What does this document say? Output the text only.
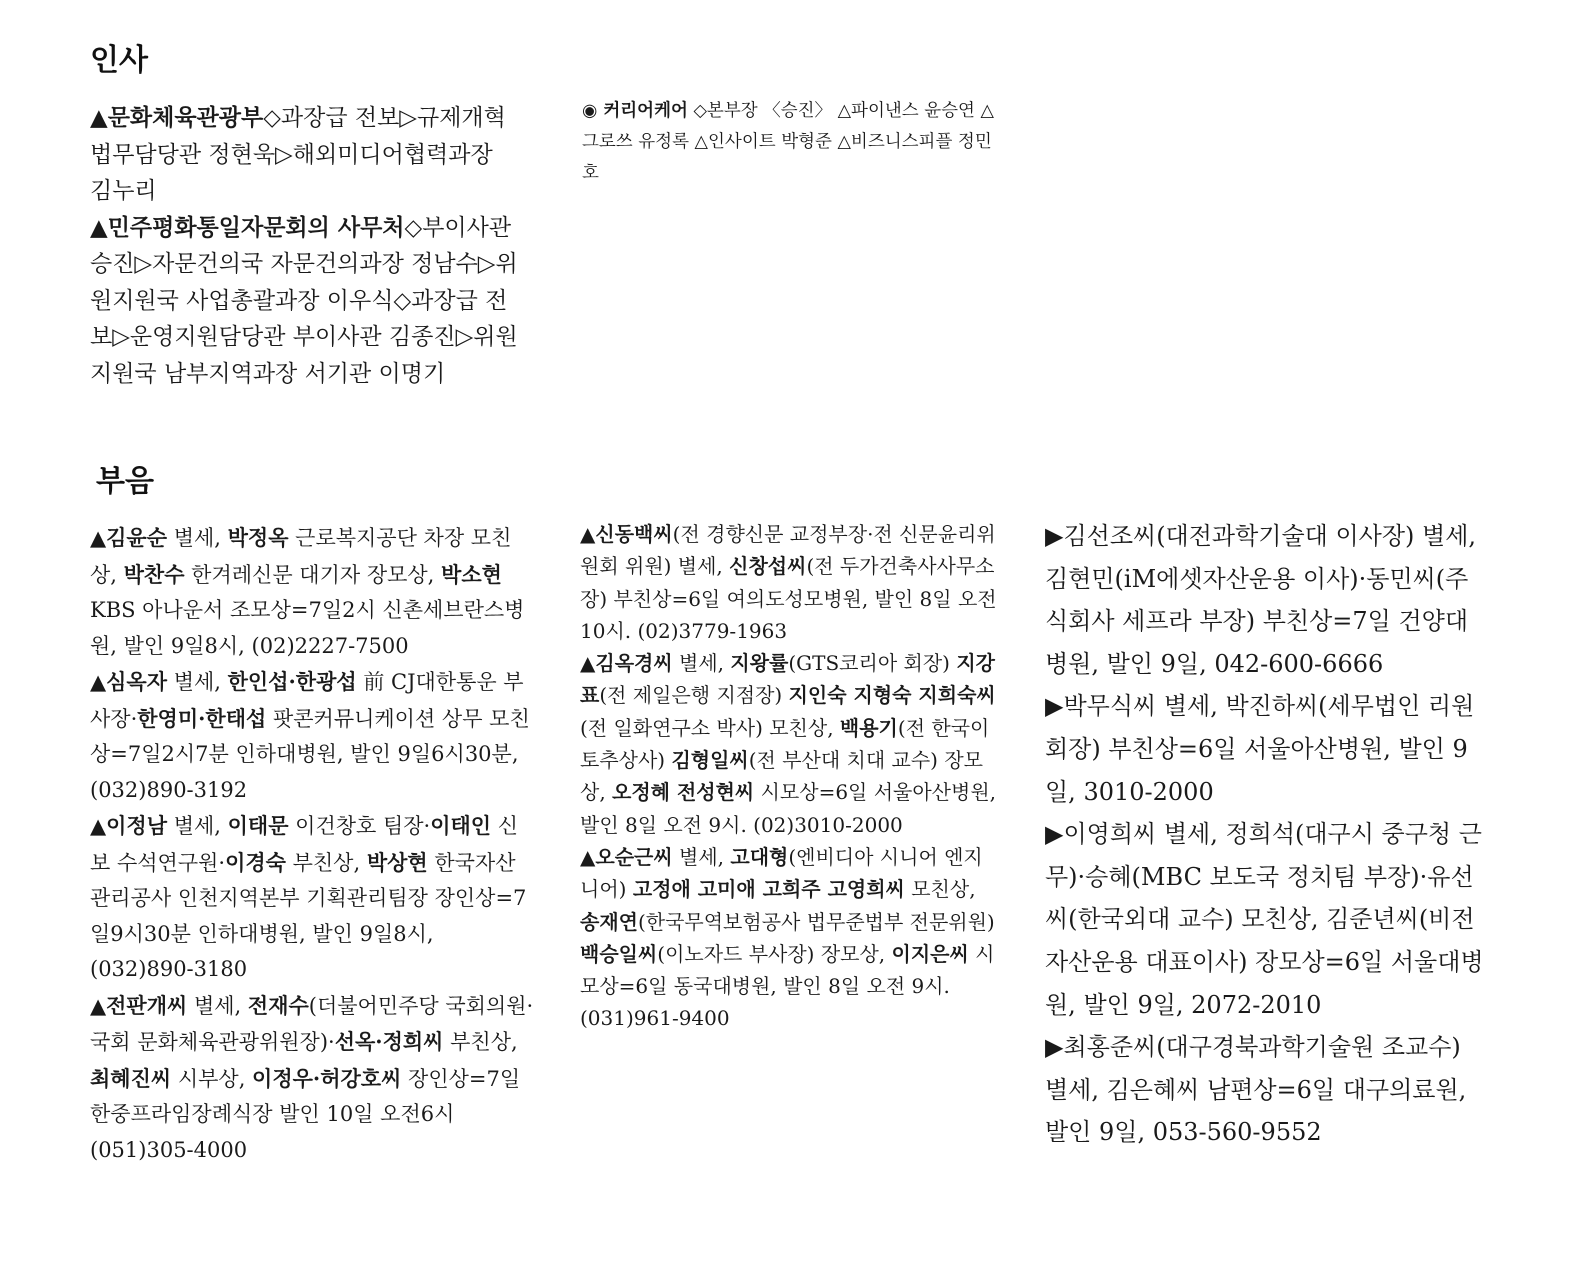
인사

▲문화체육관광부◇과장급 전보▷규제개혁법무담당관 정현욱▷해외미디어협력과장 김누리

▲민주평화통일자문회의 사무처◇부이사관 승진▷자문건의국 자문건의과장 정남수▷위원지원국 사업총괄과장 이우식◇과장급 전보▷운영지원담당관 부이사관 김종진▷위원지원국 남부지역과장 서기관 이명기

◉ 커리어케어 ◇본부장 〈승진〉 △파이낸스 윤승연 △그로쓰 유정록 △인사이트 박형준 △비즈니스피플 정민호

부음

▲김윤순 별세, 박정옥 근로복지공단 차장 모친상, 박찬수 한겨레신문 대기자 장모상, 박소현 KBS 아나운서 조모상=7일2시 신촌세브란스병원, 발인 9일8시, (02)2227-7500

▲심옥자 별세, 한인섭·한광섭 前 CJ대한통운 부사장·한영미·한태섭 팟콘커뮤니케이션 상무 모친상=7일2시7분 인하대병원, 발인 9일6시30분, (032)890-3192

▲이정남 별세, 이태문 이건창호 팀장·이태인 신보 수석연구원·이경숙 부친상, 박상현 한국자산관리공사 인천지역본부 기획관리팀장 장인상=7일9시30분 인하대병원, 발인 9일8시, (032)890-3180

▲전판개씨 별세, 전재수(더불어민주당 국회의원·국회 문화체육관광위원장)·선옥·정희씨 부친상, 최혜진씨 시부상, 이정우·허강호씨 장인상=7일 한중프라임장례식장 발인 10일 오전6시 (051)305-4000

▲신동백씨(전 경향신문 교정부장·전 신문윤리위원회 위원) 별세, 신창섭씨(전 두가건축사사무소장) 부친상=6일 여의도성모병원, 발인 8일 오전 10시. (02)3779-1963

▲김옥경씨 별세, 지왕률(GTS코리아 회장) 지강표(전 제일은행 지점장) 지인숙 지형숙 지희숙씨(전 일화연구소 박사) 모친상, 백용기(전 한국이토추상사) 김형일씨(전 부산대 치대 교수) 장모상, 오정혜 전성현씨 시모상=6일 서울아산병원, 발인 8일 오전 9시. (02)3010-2000

▲오순근씨 별세, 고대형(엔비디아 시니어 엔지니어) 고정애 고미애 고희주 고영희씨 모친상, 송재연(한국무역보험공사 법무준법부 전문위원) 백승일씨(이노자드 부사장) 장모상, 이지은씨 시모상=6일 동국대병원, 발인 8일 오전 9시. (031)961-9400

▶김선조씨(대전과학기술대 이사장) 별세, 김현민(iM에셋자산운용 이사)·동민씨(주식회사 세프라 부장) 부친상=7일 건양대병원, 발인 9일, 042-600-6666

▶박무식씨 별세, 박진하씨(세무법인 리원 회장) 부친상=6일 서울아산병원, 발인 9일, 3010-2000

▶이영희씨 별세, 정희석(대구시 중구청 근무)·승혜(MBC 보도국 정치팀 부장)·유선씨(한국외대 교수) 모친상, 김준년씨(비전자산운용 대표이사) 장모상=6일 서울대병원, 발인 9일, 2072-2010

▶최홍준씨(대구경북과학기술원 조교수) 별세, 김은혜씨 남편상=6일 대구의료원, 발인 9일, 053-560-9552
